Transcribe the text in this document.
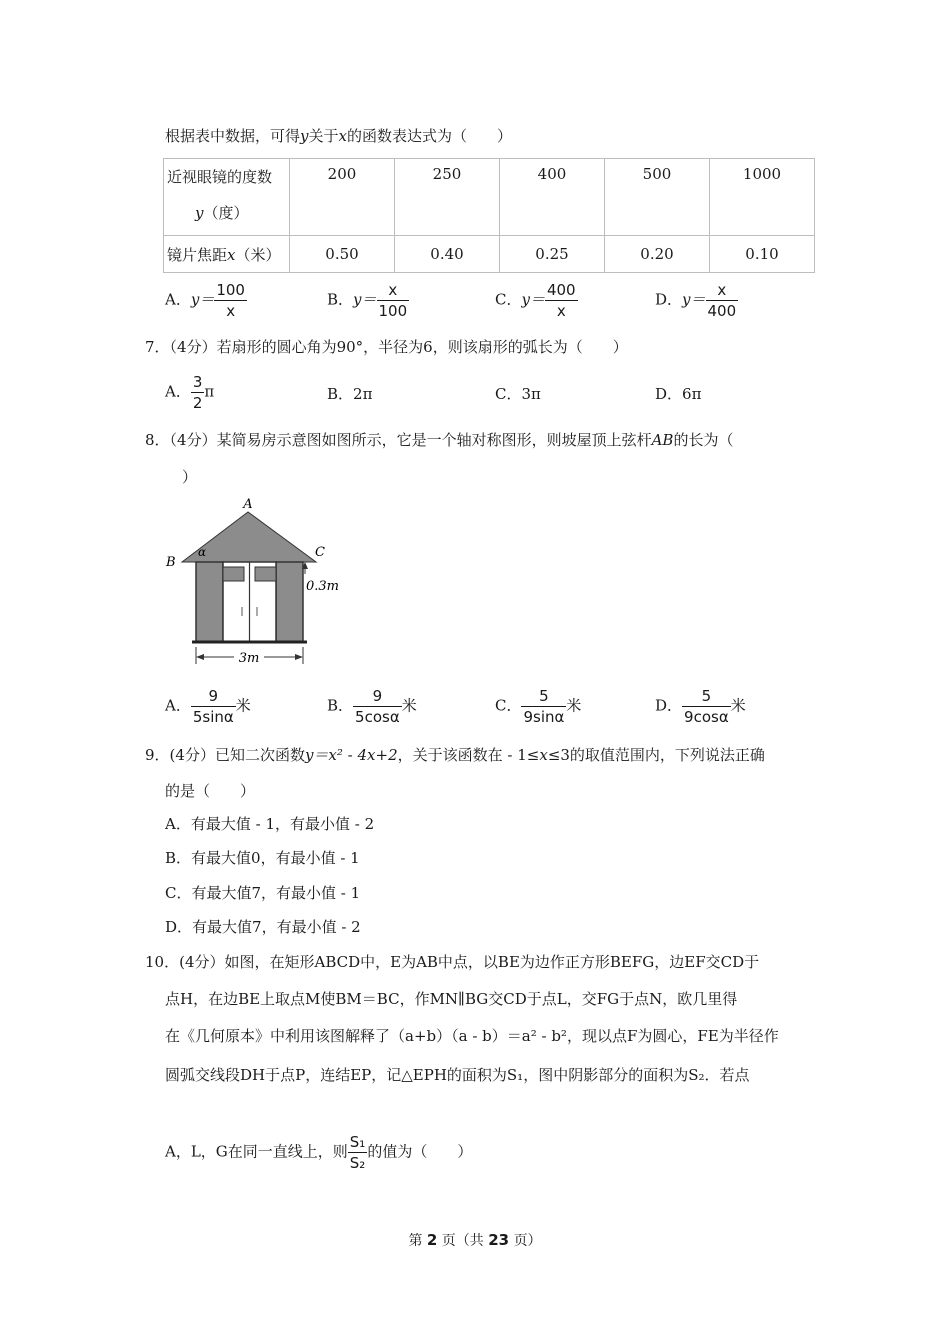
根据表中数据，可得y关于x的函数表达式为（　　）
近视眼镜的度数
y（度）	200	250	400	500	1000
镜片焦距x（米）	0.50	0.40	0.25	0.20	0.10
A．$y= \frac{100}{x}$	B．$y= \frac{x}{100}$	C．$y= \frac{400}{x}$	D．$y= \frac{x}{400}$
7．（4分）若扇形的圆心角为90°，半径为6，则该扇形的弧长为（　　）
A． $\frac{3}{2}$ π	B．2π	C．3π	D．6π
8．（4分）某简易房示意图如图所示，它是一个轴对称图形，则坡屋顶上弦杆AB的长为（
）
A
B
C
α
0.3m
3m
A． $\frac{9}{5\sin\alpha}$ 米	B． $\frac{9}{5\cos\alpha}$ 米	C． $\frac{5}{9\sin\alpha}$ 米	D． $\frac{5}{9\cos\alpha}$ 米
9．(4分）已知二次函数y＝x² - 4x+2，关于该函数在 - 1≤x≤3的取值范围内，下列说法正确
的是（　　）
A．有最大值 - 1，有最小值 - 2
B．有最大值0，有最小值 - 1
C．有最大值7，有最小值 - 1
D．有最大值7，有最小值 - 2
10．(4分）如图，在矩形ABCD中，E为AB中点，以BE为边作正方形BEFG，边EF交CD于
点H，在边BE上取点M使BM＝BC，作MN∥BG交CD于点L，交FG于点N，欧几里得
在《几何原本》中利用该图解释了（a+b）（a - b）＝a² - b²，现以点F为圆心，FE为半径作
圆弧交线段DH于点P，连结EP，记△EPH的面积为S₁，图中阴影部分的面积为S₂．若点
A，L，G在同一直线上，则 $\frac{\text{S₁}}{\text{S₂}}$ 的值为（　　）
第 2 页（共 23 页）
